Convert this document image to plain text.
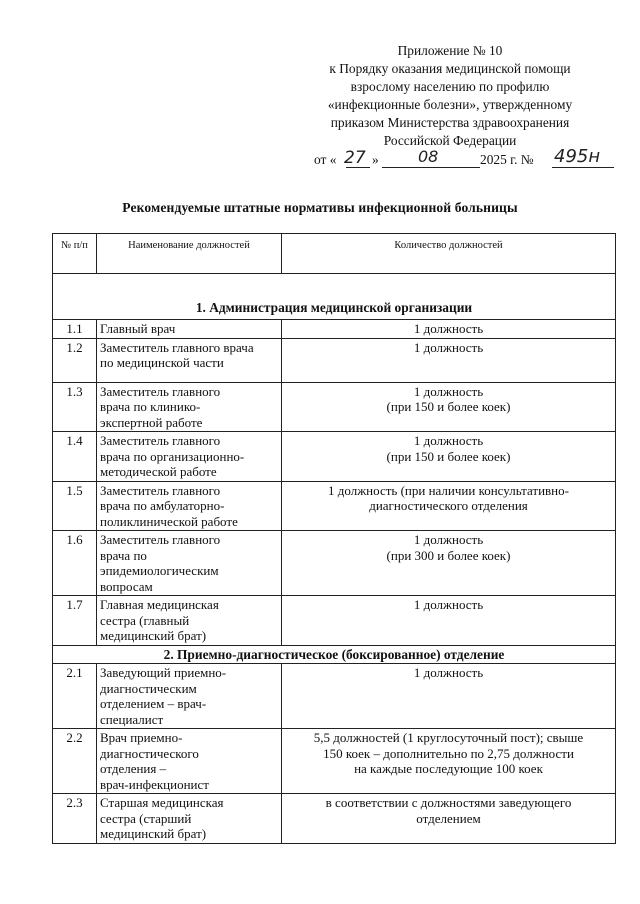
Приложение № 10
к Порядку оказания медицинской помощи
взрослому населению по профилю
«инфекционные болезни», утвержденному
приказом Министерства здравоохранения
Российской Федерации
от « 27 » 08	2025 г. № 495н
Рекомендуемые штатные нормативы инфекционной больницы
№ п/п	Наименование должностей	Количество должностей
1. Администрация медицинской организации		
1.1	Главный врач	1 должность
1.2	Заместитель главного врача
по медицинской части	1 должность
1.3	Заместитель главного
врача по клинико-
экспертной работе	1 должность
(при 150 и более коек)
1.4	Заместитель главного
врача по организационно-
методической работе	1 должность
(при 150 и более коек)
1.5	Заместитель главного
врача по амбулаторно-
поликлинической работе	1 должность (при наличии консультативно-
диагностического отделения
1.6	Заместитель главного
врача по
эпидемиологическим
вопросам	1 должность
(при 300 и более коек)
1.7	Главная медицинская
сестра (главный
медицинский брат)	1 должность
2. Приемно-диагностическое (боксированное) отделение		
2.1	Заведующий приемно-
диагностическим
отделением – врач-
специалист	1 должность
2.2	Врач приемно-
диагностического
отделения –
врач-инфекционист	5,5 должностей (1 круглосуточный пост); свыше
150 коек – дополнительно по 2,75 должности
на каждые последующие 100 коек
2.3	Старшая медицинская
сестра (старший
медицинский брат)	в соответствии с должностями заведующего
отделением
